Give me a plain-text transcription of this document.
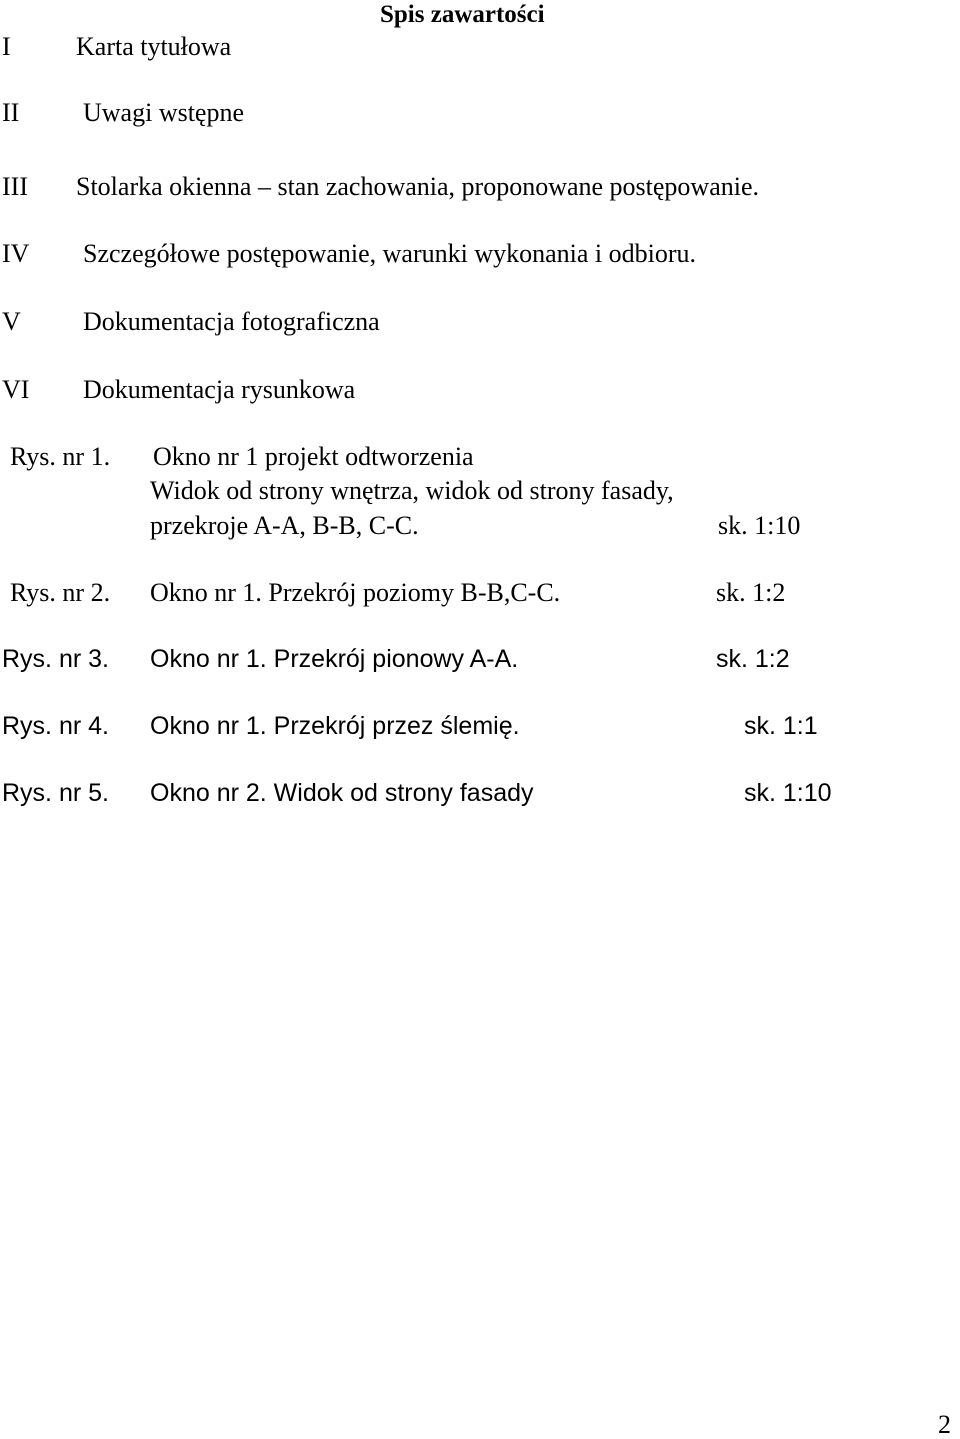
Spis zawartości
I	Karta tytułowa
II Uwagi wstępne
III Stolarka okienna – stan zachowania, proponowane postępowanie.
IV Szczegółowe postępowanie, warunki wykonania i odbioru.
V Dokumentacja fotograficzna
VI Dokumentacja rysunkowa
Rys. nr 1. Okno nr 1 projekt odtworzenia
Widok od strony wnętrza, widok od strony fasady,
przekroje A-A, B-B, C-C.	sk. 1:10
Rys. nr 2. Okno nr 1. Przekrój poziomy B-B,C-C.	sk. 1:2
Rys. nr 3. Okno nr 1. Przekrój pionowy A-A.	sk. 1:2
Rys. nr 4. Okno nr 1. Przekrój przez ślemię.	sk. 1:1
Rys. nr 5. Okno nr 2. Widok od strony fasady	sk. 1:10
2
